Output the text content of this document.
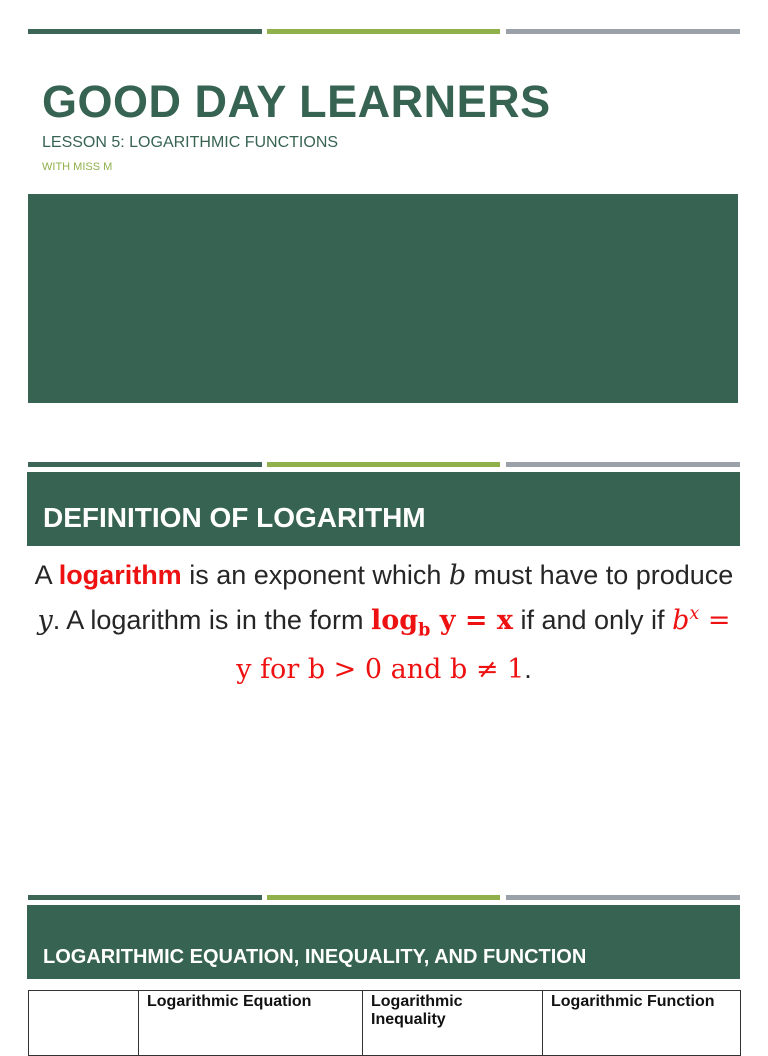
GOOD DAY LEARNERS
LESSON 5: LOGARITHMIC FUNCTIONS
WITH MISS M
DEFINITION OF LOGARITHM
A logarithm is an exponent which b must have to produce y. A logarithm is in the form $\log_b y = x$ if and only if $b^x = y$ for b > 0 and b ≠ 1.
LOGARITHMIC EQUATION, INEQUALITY, AND FUNCTION
	Logarithmic Equation	Logarithmic Inequality	Logarithmic Function
